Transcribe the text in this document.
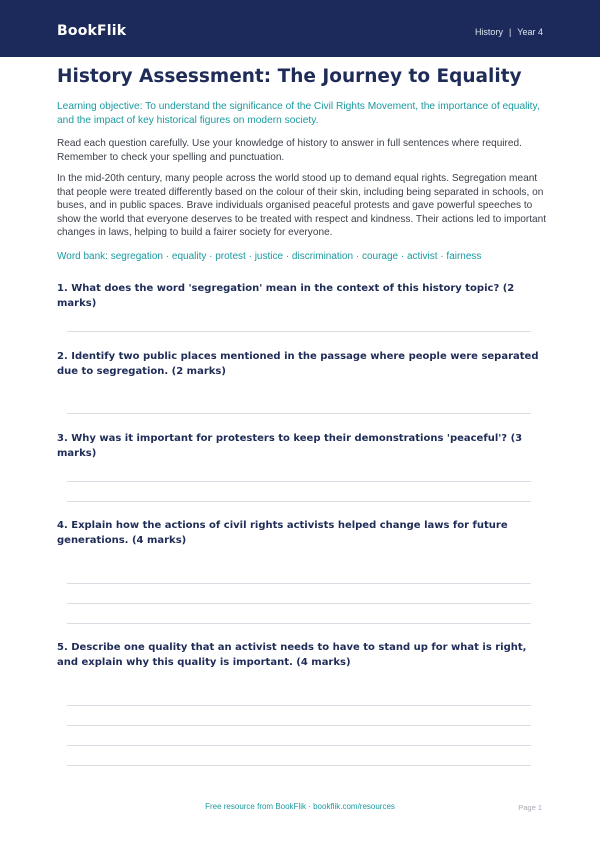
BookFlik	History | Year 4
History Assessment: The Journey to Equality
Learning objective: To understand the significance of the Civil Rights Movement, the importance of equality, and the impact of key historical figures on modern society.
Read each question carefully. Use your knowledge of history to answer in full sentences where required. Remember to check your spelling and punctuation.
In the mid-20th century, many people across the world stood up to demand equal rights. Segregation meant that people were treated differently based on the colour of their skin, including being separated in schools, on buses, and in public spaces. Brave individuals organised peaceful protests and gave powerful speeches to show the world that everyone deserves to be treated with respect and kindness. Their actions led to important changes in laws, helping to build a fairer society for everyone.
Word bank: segregation · equality · protest · justice · discrimination · courage · activist · fairness
1. What does the word 'segregation' mean in the context of this history topic? (2 marks)
2. Identify two public places mentioned in the passage where people were separated due to segregation. (2 marks)
3. Why was it important for protesters to keep their demonstrations 'peaceful'? (3 marks)
4. Explain how the actions of civil rights activists helped change laws for future generations. (4 marks)
5. Describe one quality that an activist needs to have to stand up for what is right, and explain why this quality is important. (4 marks)
Free resource from BookFlik · bookflik.com/resources	Page 1
